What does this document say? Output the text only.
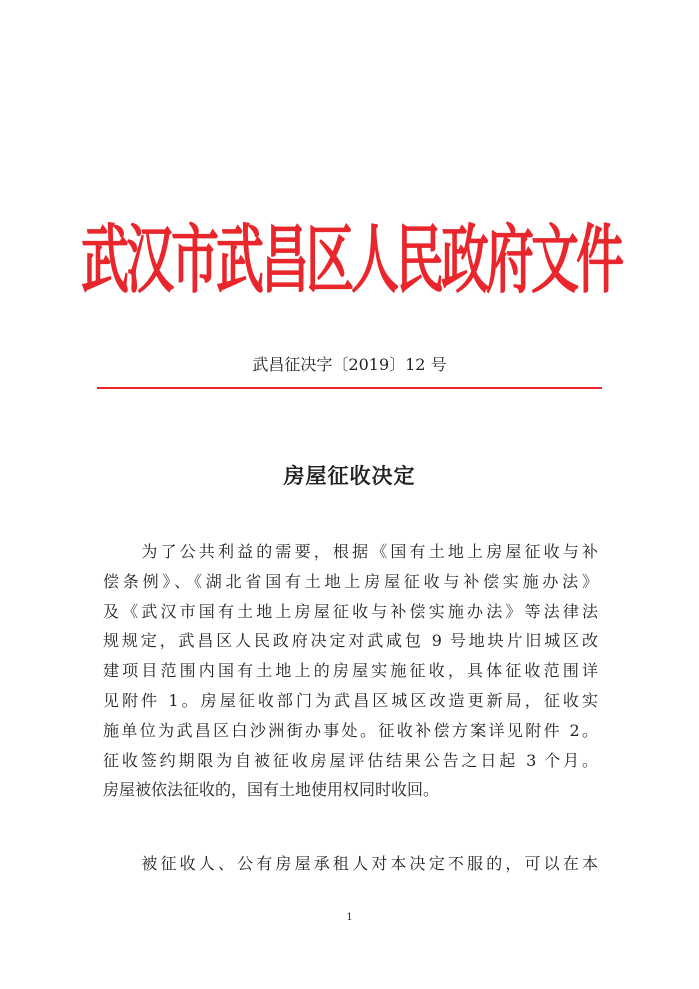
武汉市武昌区人民政府文件
武昌征决字〔2019〕12 号
房屋征收决定
　　为了公共利益的需要，根据《国有土地上房屋征收与补
偿条例》、《湖北省国有土地上房屋征收与补偿实施办法》
及《武汉市国有土地上房屋征收与补偿实施办法》等法律法
规规定，武昌区人民政府决定对武咸包 9 号地块片旧城区改
建项目范围内国有土地上的房屋实施征收，具体征收范围详
见附件 1。房屋征收部门为武昌区城区改造更新局，征收实
施单位为武昌区白沙洲街办事处。征收补偿方案详见附件 2。
征收签约期限为自被征收房屋评估结果公告之日起 3 个月。
房屋被依法征收的，国有土地使用权同时收回。
　　被征收人、公有房屋承租人对本决定不服的，可以在本
1
